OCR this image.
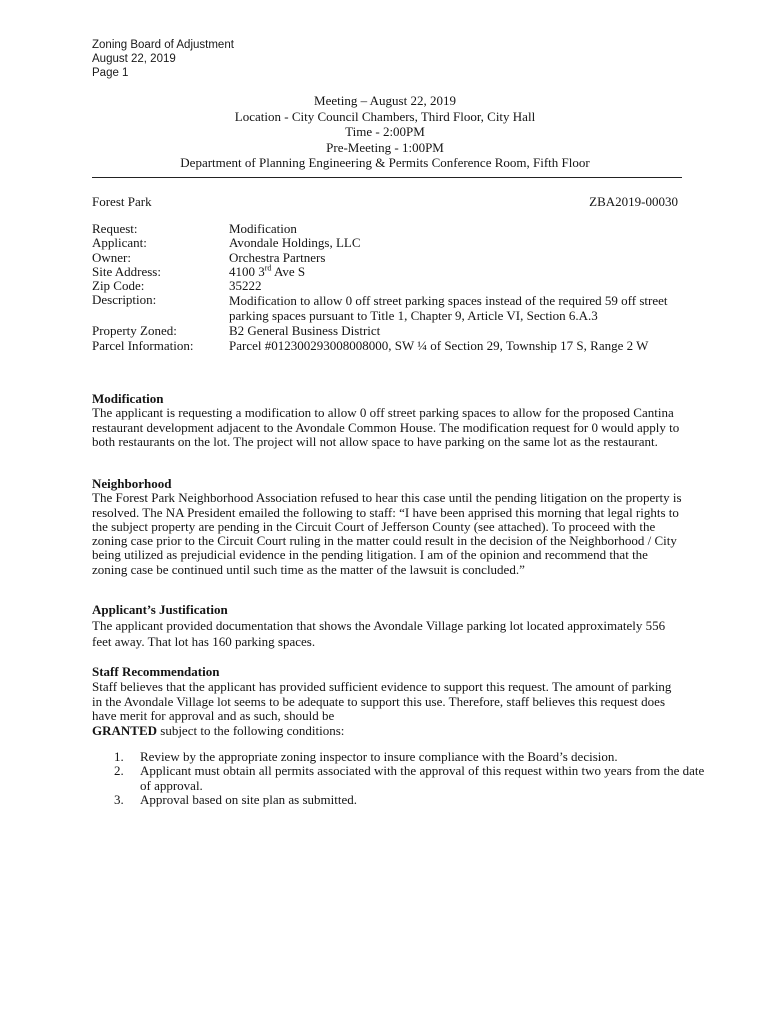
Zoning Board of Adjustment
August 22, 2019
Page 1
Meeting – August 22, 2019
Location - City Council Chambers, Third Floor, City Hall
Time - 2:00PM
Pre-Meeting - 1:00PM
Department of Planning Engineering & Permits Conference Room, Fifth Floor
Forest Park	ZBA2019-00030
Request:	Modification
Applicant:	Avondale Holdings, LLC
Owner:	Orchestra Partners
Site Address:	4100 3rd Ave S
Zip Code:	35222
Description:	Modification to allow 0 off street parking spaces instead of the required 59 off street parking spaces pursuant to Title 1, Chapter 9, Article VI, Section 6.A.3
Property Zoned:	B2 General Business District
Parcel Information:	Parcel #012300293008008000, SW ¼ of Section 29, Township 17 S, Range 2 W
Modification

The applicant is requesting a modification to allow 0 off street parking spaces to allow for the proposed Cantina restaurant development adjacent to the Avondale Common House. The modification request for 0 would apply to both restaurants on the lot. The project will not allow space to have parking on the same lot as the restaurant.

Neighborhood

The Forest Park Neighborhood Association refused to hear this case until the pending litigation on the property is resolved. The NA President emailed the following to staff: “I have been apprised this morning that legal rights to the subject property are pending in the Circuit Court of Jefferson County (see attached). To proceed with the zoning case prior to the Circuit Court ruling in the matter could result in the decision of the Neighborhood / City being utilized as prejudicial evidence in the pending litigation. I am of the opinion and recommend that the zoning case be continued until such time as the matter of the lawsuit is concluded.”

Applicant’s Justification

The applicant provided documentation that shows the Avondale Village parking lot located approximately 556 feet away. That lot has 160 parking spaces.

Staff Recommendation

Staff believes that the applicant has provided sufficient evidence to support this request. The amount of parking in the Avondale Village lot seems to be adequate to support this use. Therefore, staff believes this request does have merit for approval and as such, should be
GRANTED subject to the following conditions:

1.	Review by the appropriate zoning inspector to insure compliance with the Board’s decision.
2.	Applicant must obtain all permits associated with the approval of this request within two years from the date of approval.
3.	Approval based on site plan as submitted.
